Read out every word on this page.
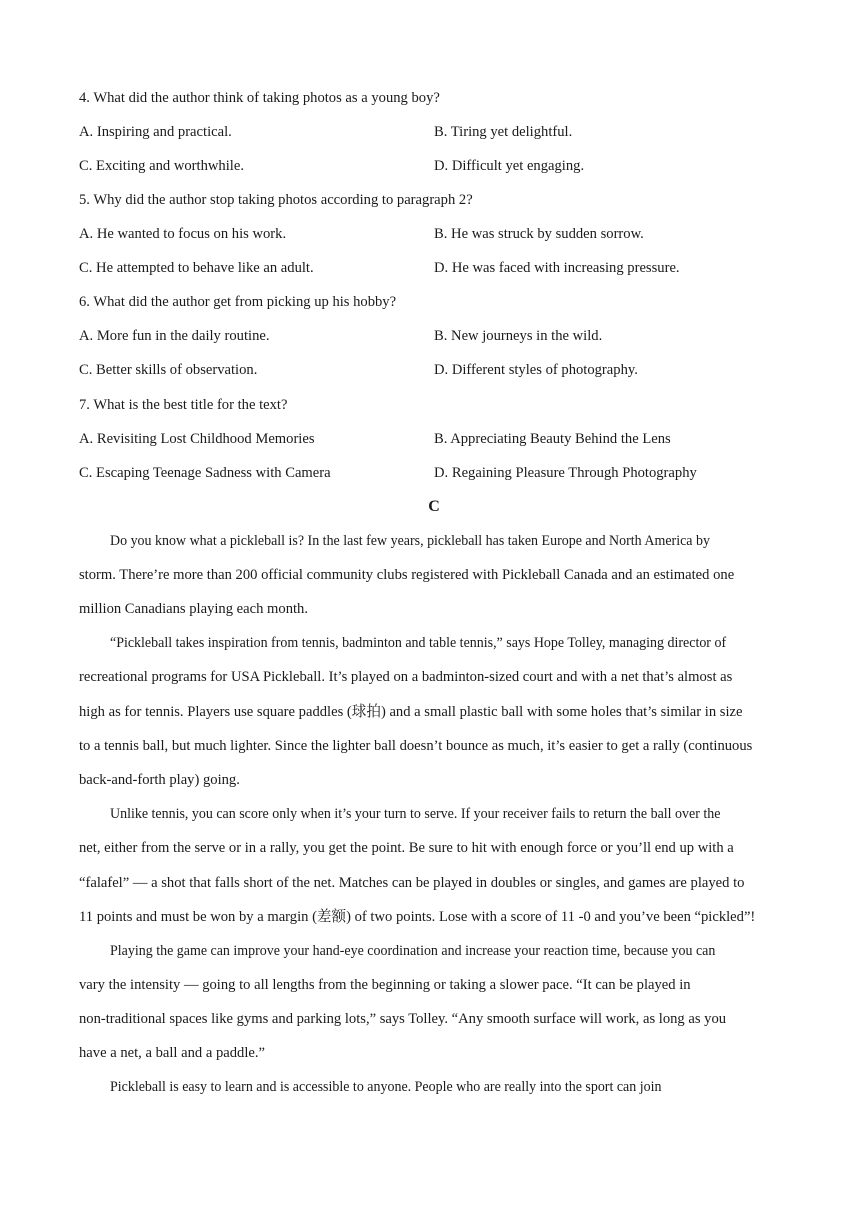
4. What did the author think of taking photos as a young boy?
A. Inspiring and practical.	B. Tiring yet delightful.
C. Exciting and worthwhile.	D. Difficult yet engaging.
5. Why did the author stop taking photos according to paragraph 2?
A. He wanted to focus on his work.	B. He was struck by sudden sorrow.
C. He attempted to behave like an adult.	D. He was faced with increasing pressure.
6. What did the author get from picking up his hobby?
A. More fun in the daily routine.	B. New journeys in the wild.
C. Better skills of observation.	D. Different styles of photography.
7. What is the best title for the text?
A. Revisiting Lost Childhood Memories	B. Appreciating Beauty Behind the Lens
C. Escaping Teenage Sadness with Camera	D. Regaining Pleasure Through Photography
C
Do you know what a pickleball is? In the last few years, pickleball has taken Europe and North America by
storm. There’re more than 200 official community clubs registered with Pickleball Canada and an estimated one
million Canadians playing each month.
“Pickleball takes inspiration from tennis, badminton and table tennis,” says Hope Tolley, managing director of
recreational programs for USA Pickleball. It’s played on a badminton-sized court and with a net that’s almost as
high as for tennis. Players use square paddles (球拍) and a small plastic ball with some holes that’s similar in size
to a tennis ball, but much lighter. Since the lighter ball doesn’t bounce as much, it’s easier to get a rally (continuous
back-and-forth play) going.
Unlike tennis, you can score only when it’s your turn to serve. If your receiver fails to return the ball over the
net, either from the serve or in a rally, you get the point. Be sure to hit with enough force or you’ll end up with a
“falafel” — a shot that falls short of the net. Matches can be played in doubles or singles, and games are played to
11 points and must be won by a margin (差额) of two points. Lose with a score of 11 -0 and you’ve been “pickled”!
Playing the game can improve your hand-eye coordination and increase your reaction time, because you can
vary the intensity — going to all lengths from the beginning or taking a slower pace. “It can be played in
non-traditional spaces like gyms and parking lots,” says Tolley. “Any smooth surface will work, as long as you
have a net, a ball and a paddle.”
Pickleball is easy to learn and is accessible to anyone. People who are really into the sport can join
